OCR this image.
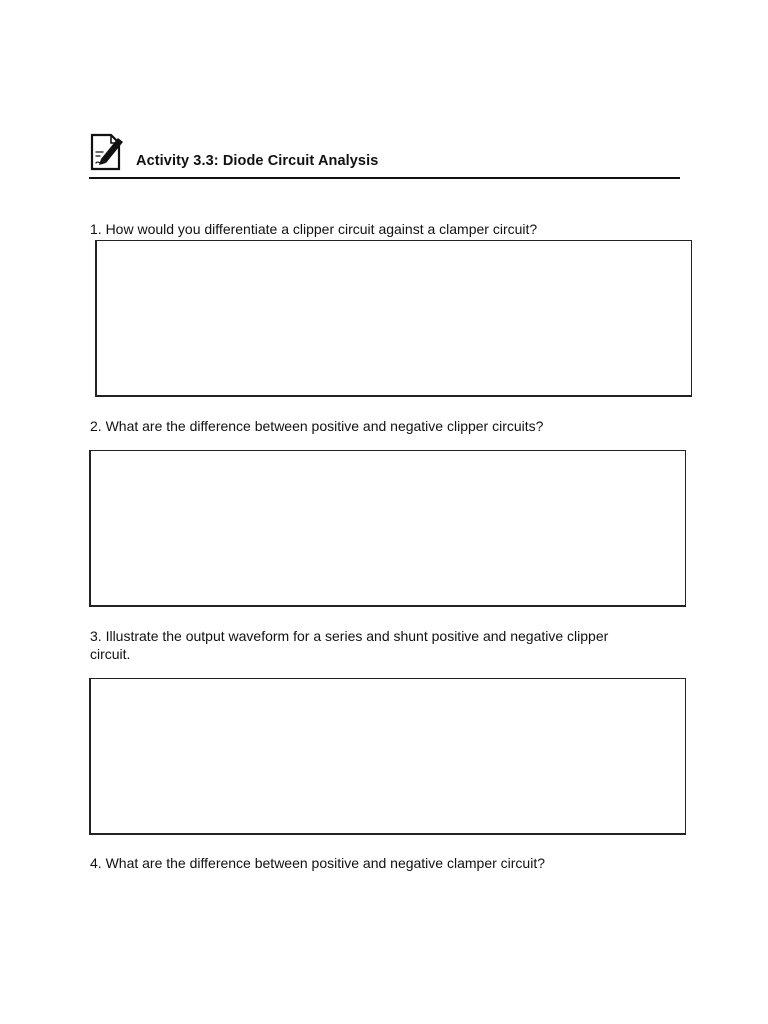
Activity 3.3: Diode Circuit Analysis
1. How would you differentiate a clipper circuit against a clamper circuit?
2. What are the difference between positive and negative clipper circuits?
3. Illustrate the output waveform for a series and shunt positive and negative clipper
circuit.
4. What are the difference between positive and negative clamper circuit?
